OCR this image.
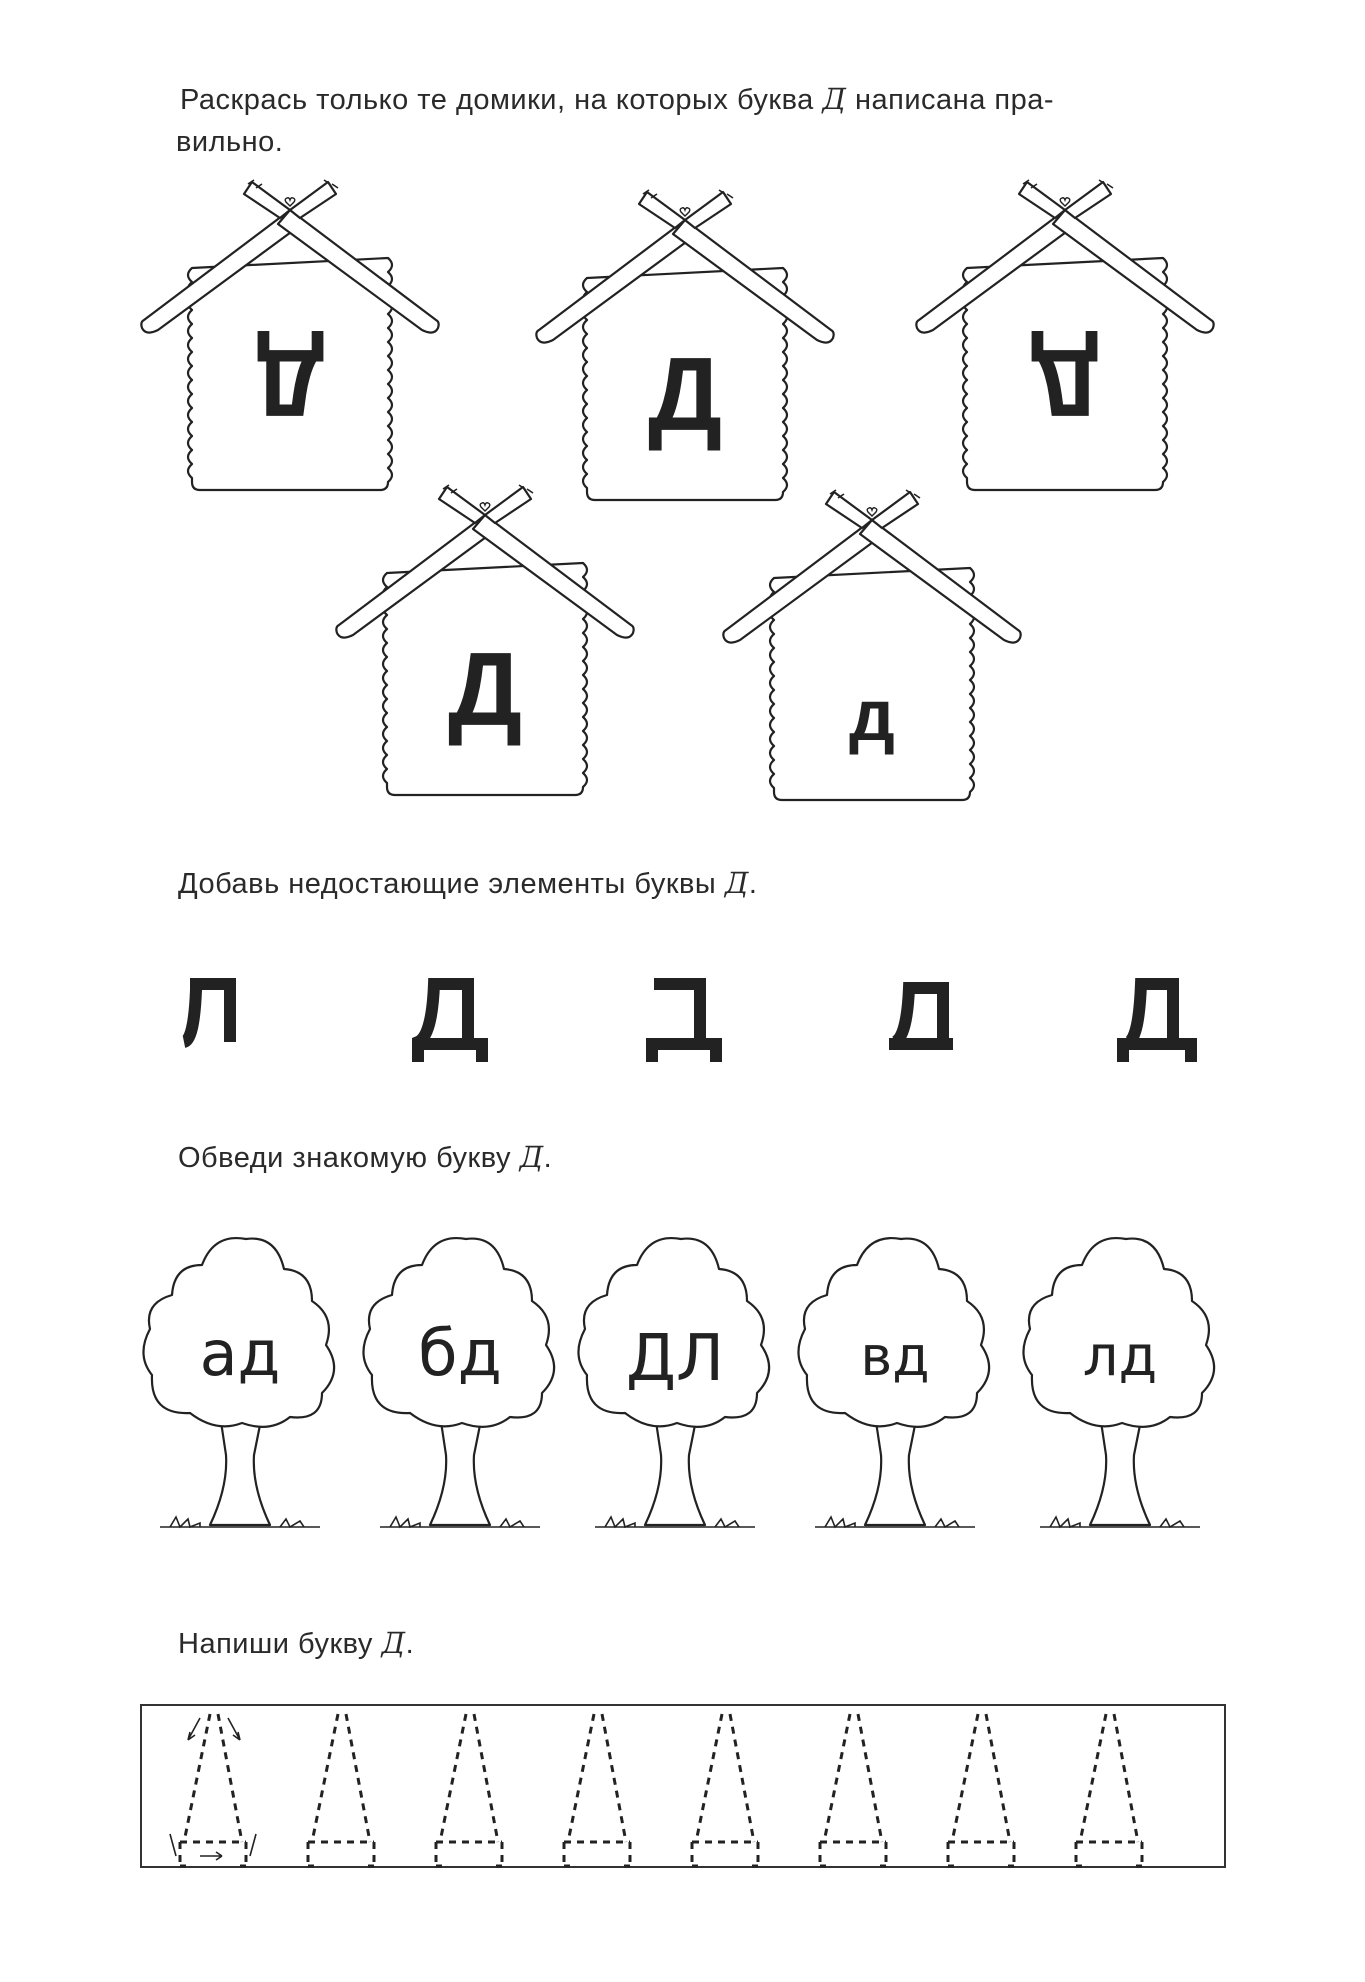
Раскрась только те домики, на которых буква Д написана пра-
вильно.

Д	Д	Д
Д	д

Добавь недостающие элементы буквы Д.

Обведи знакомую букву Д.

ад бд ДЛ	вд	лд

Напиши букву Д.
